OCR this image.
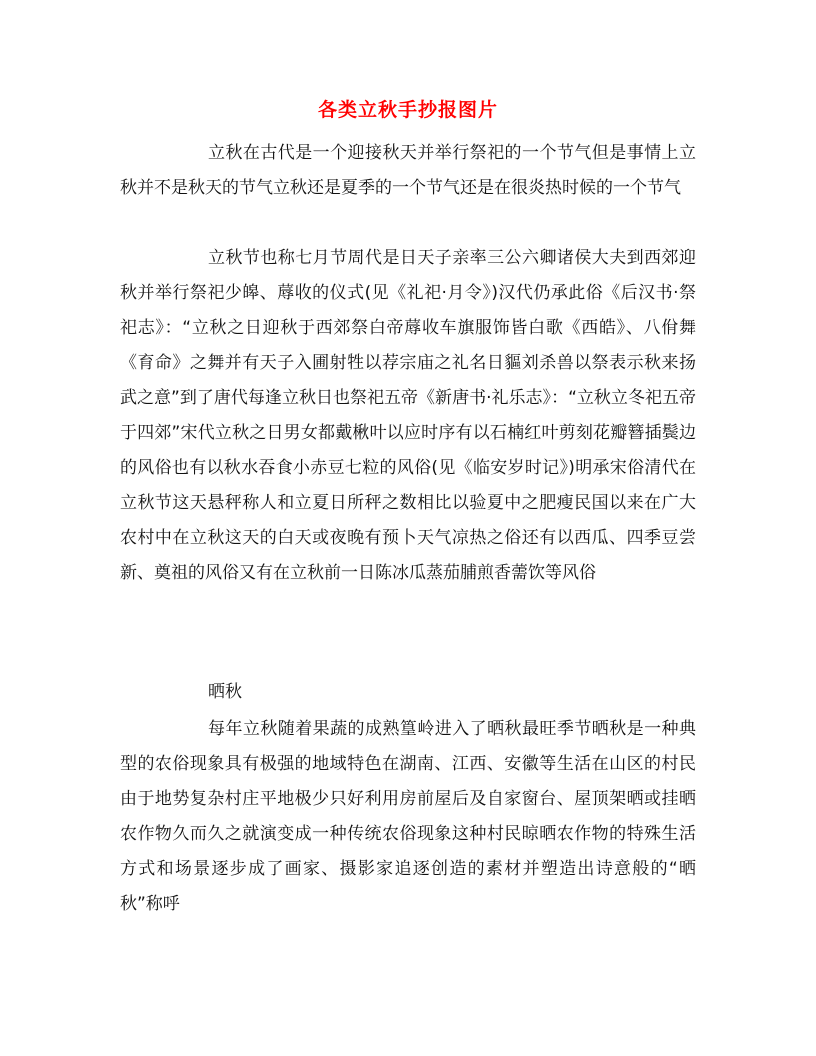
各类立秋手抄报图片

立秋在古代是一个迎接秋天并举行祭祀的一个节气但是事情上立秋并不是秋天的节气立秋还是夏季的一个节气还是在很炎热时候的一个节气

立秋节也称七月节周代是日天子亲率三公六卿诸侯大夫到西郊迎秋并举行祭祀少皞、蓐收的仪式(见《礼祀·月令》)汉代仍承此俗《后汉书·祭祀志》：“立秋之日迎秋于西郊祭白帝蓐收车旗服饰皆白歌《西皓》、八佾舞《育命》之舞并有天子入圃射牲以荐宗庙之礼名日貙刘杀兽以祭表示秋来扬武之意”到了唐代每逢立秋日也祭祀五帝《新唐书·礼乐志》：“立秋立冬祀五帝于四郊”宋代立秋之日男女都戴楸叶以应时序有以石楠红叶剪刻花瓣簪插鬓边的风俗也有以秋水吞食小赤豆七粒的风俗(见《临安岁时记》)明承宋俗清代在立秋节这天悬秤称人和立夏日所秤之数相比以验夏中之肥瘦民国以来在广大农村中在立秋这天的白天或夜晚有预卜天气凉热之俗还有以西瓜、四季豆尝新、奠祖的风俗又有在立秋前一日陈冰瓜蒸茄脯煎香薷饮等风俗

晒秋

每年立秋随着果蔬的成熟篁岭进入了晒秋最旺季节晒秋是一种典型的农俗现象具有极强的地域特色在湖南、江西、安徽等生活在山区的村民由于地势复杂村庄平地极少只好利用房前屋后及自家窗台、屋顶架晒或挂晒农作物久而久之就演变成一种传统农俗现象这种村民晾晒农作物的特殊生活方式和场景逐步成了画家、摄影家追逐创造的素材并塑造出诗意般的“晒秋”称呼
